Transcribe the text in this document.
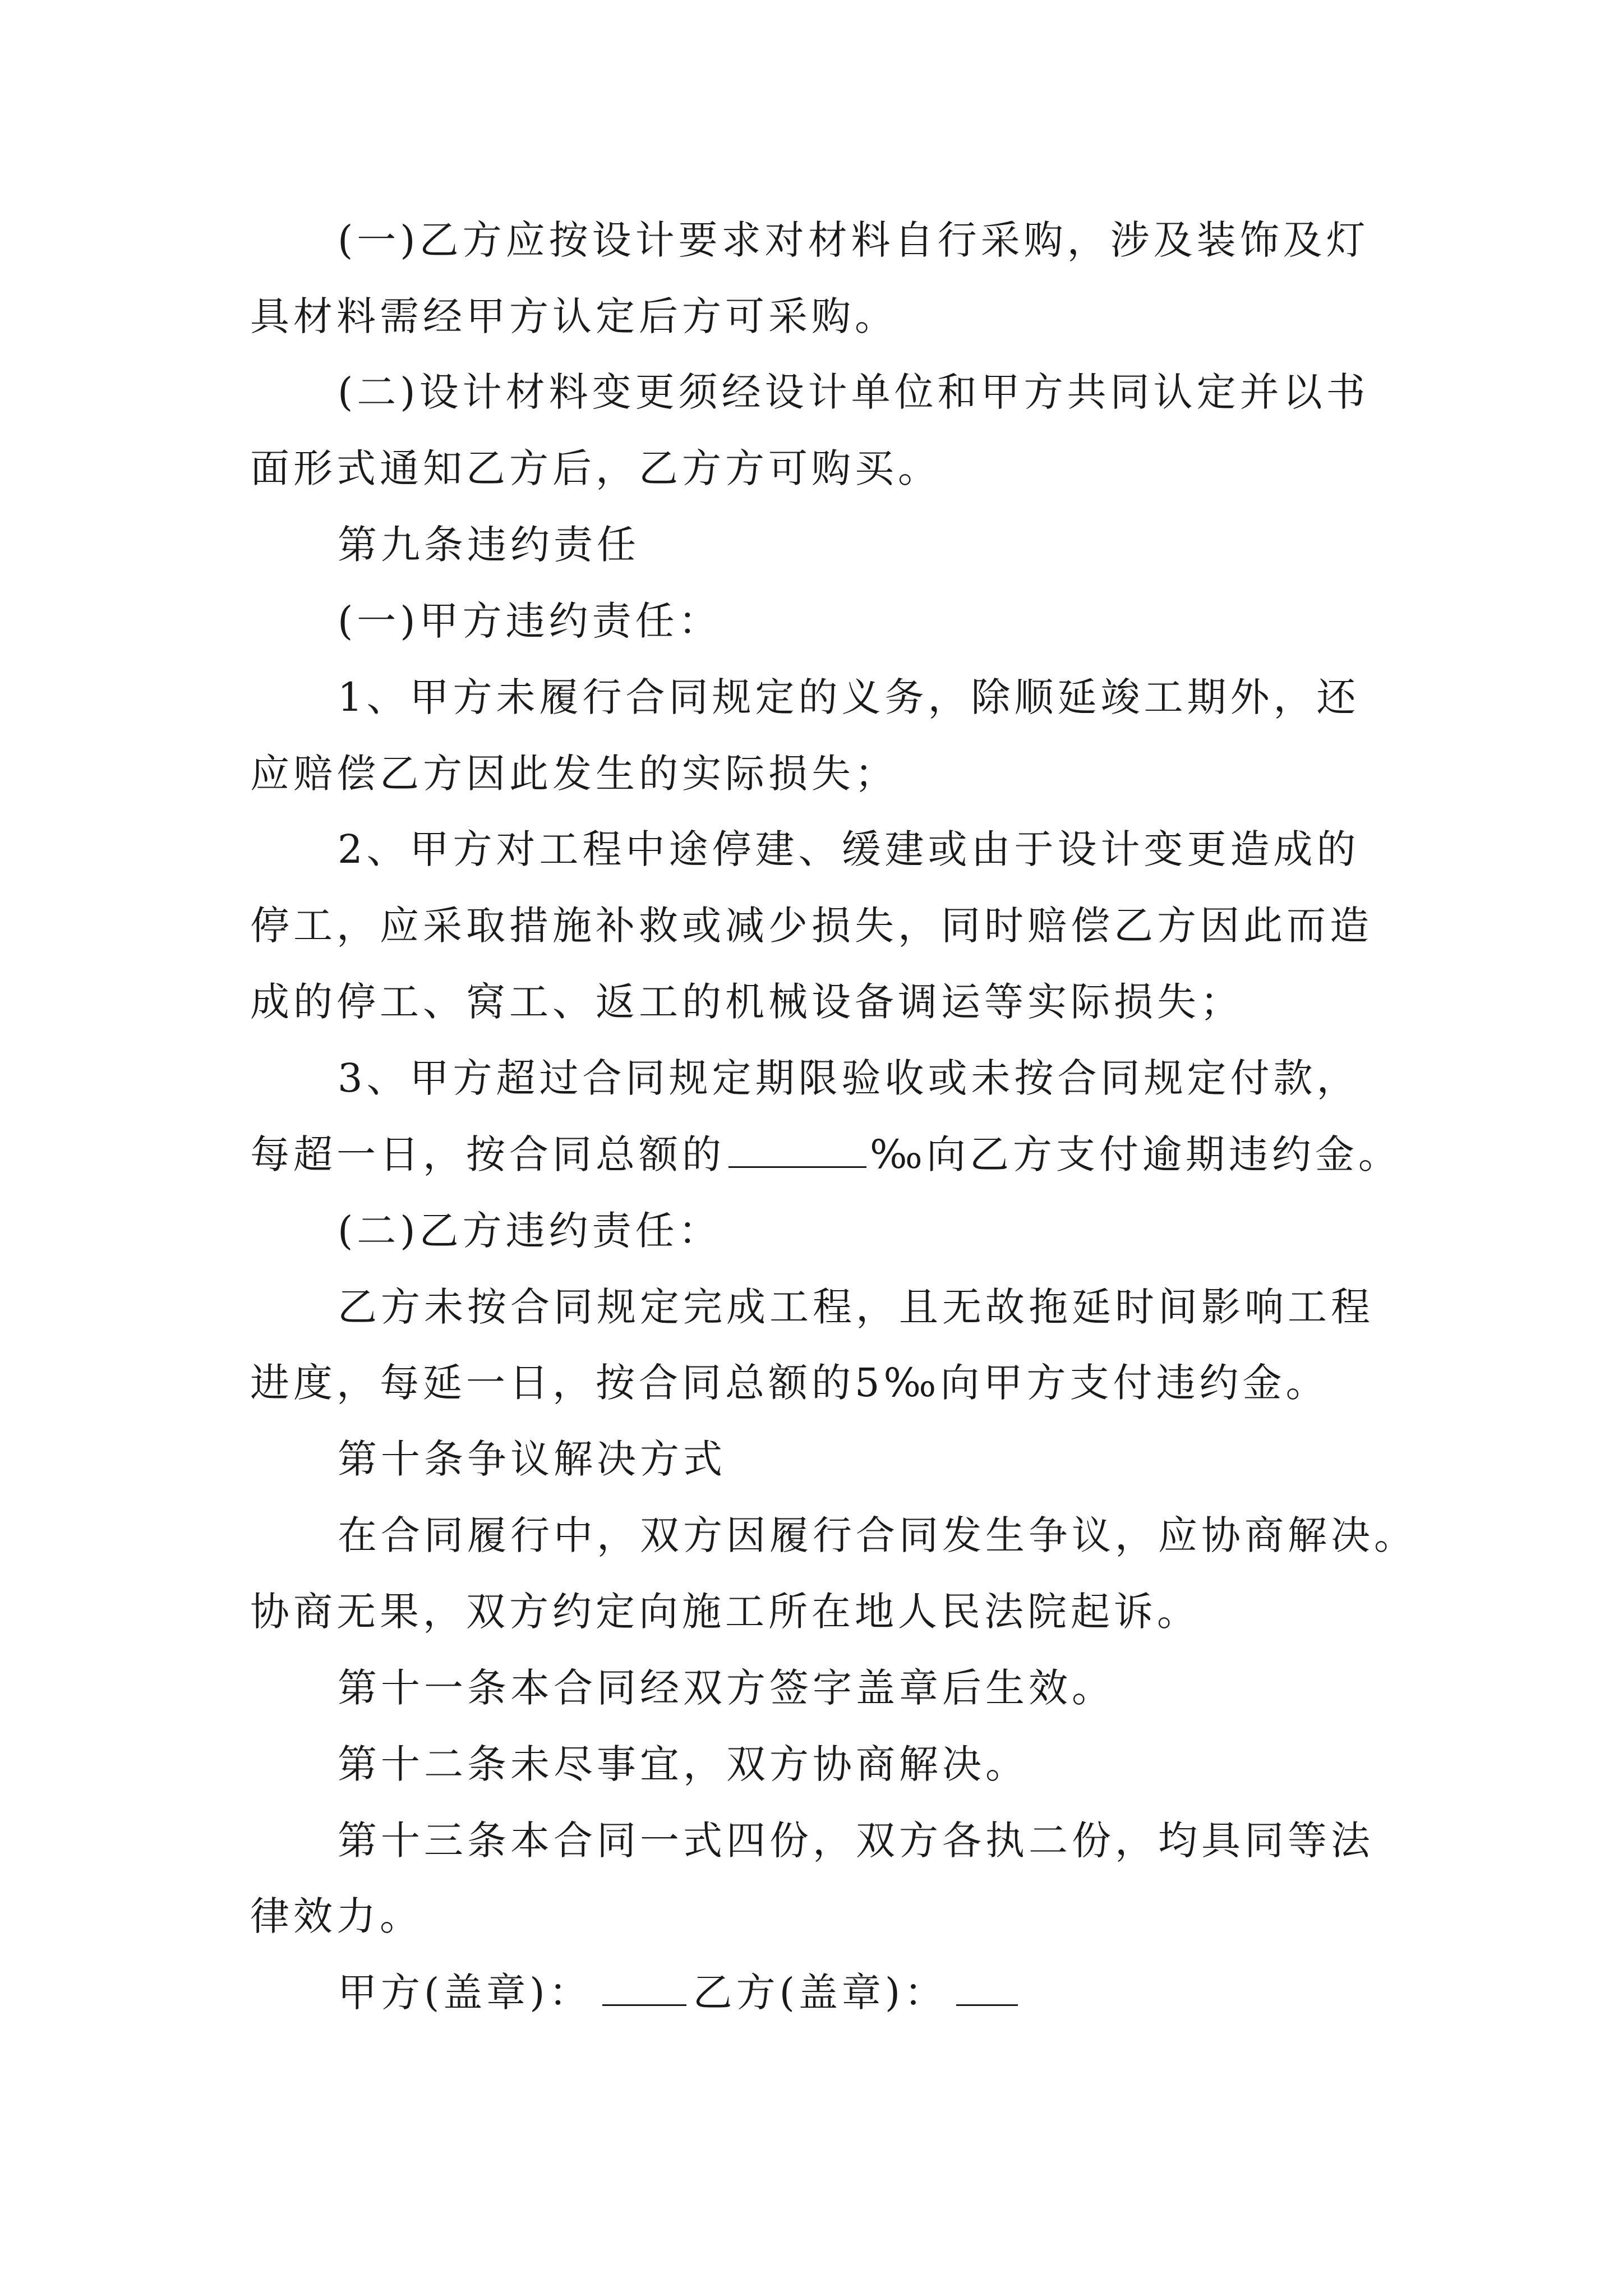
(一)乙方应按设计要求对材料自行采购，涉及装饰及灯
具材料需经甲方认定后方可采购。
(二)设计材料变更须经设计单位和甲方共同认定并以书
面形式通知乙方后，乙方方可购买。
第九条违约责任
(一)甲方违约责任：
1、甲方未履行合同规定的义务，除顺延竣工期外，还
应赔偿乙方因此发生的实际损失；
2、甲方对工程中途停建、缓建或由于设计变更造成的
停工，应采取措施补救或减少损失，同时赔偿乙方因此而造
成的停工、窝工、返工的机械设备调运等实际损失；
3、甲方超过合同规定期限验收或未按合同规定付款，
每超一日，按合同总额的	‰向乙方支付逾期违约金。
(二)乙方违约责任：
乙方未按合同规定完成工程，且无故拖延时间影响工程
进度，每延一日，按合同总额的5‰向甲方支付违约金。
第十条争议解决方式
在合同履行中，双方因履行合同发生争议，应协商解决。
协商无果，双方约定向施工所在地人民法院起诉。
第十一条本合同经双方签字盖章后生效。
第十二条未尽事宜，双方协商解决。
第十三条本合同一式四份，双方各执二份，均具同等法
律效力。
甲方(盖章)：	乙方(盖章)：
